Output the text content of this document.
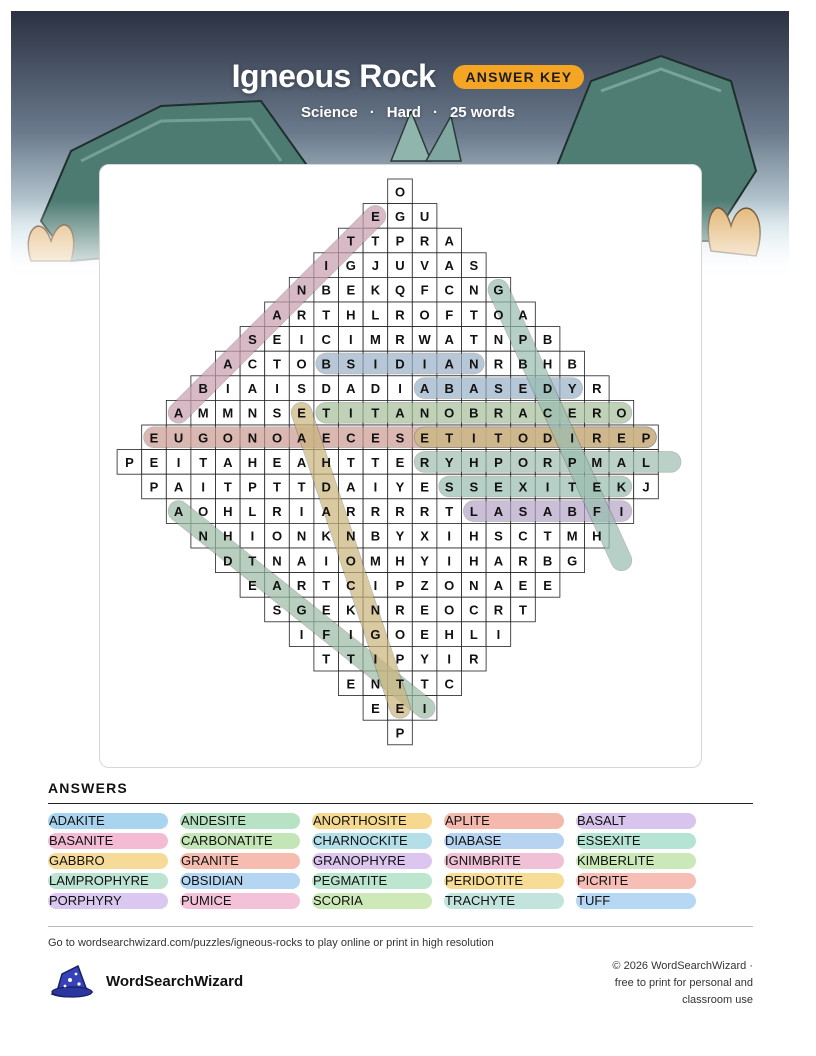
Igneous Rock	ANSWER KEY
Science · Hard · 25 words
O
E G U
T T P R A
I G J U V A S
N B E K Q F C N G
A R T H L R O F T O A
S E I C I M R W A T N P B
A C T O B S I D I A N R B H B
B I A I S D A D I A B A S E D Y R
A M M N S E T I T A N O B R A C E R O
E U G O N O A E C E S E T I T O D I R E P
P E I T A H E A H T T E R Y H P O R P M A L
P A I T P T T D A I Y E S S E X I T E K J
A O H L R I A R R R R T L A S A B F I
N H I O N K N B Y X I H S C T M H
D T N A I O M H Y I H A R B G
E A R T C I P Z O N A E E
S G E K N R E O C R T
I F I G O E H L I
T T I P Y I R
E N T T C
E E I
P
ANSWERS
ADAKITE	ANDESITE	ANORTHOSITE	APLITE	BASALT
BASANITE	CARBONATITE	CHARNOCKITE	DIABASE	ESSEXITE
GABBRO	GRANITE	GRANOPHYRE	IGNIMBRITE	KIMBERLITE
LAMPROPHYRE	OBSIDIAN	PEGMATITE	PERIDOTITE	PICRITE
PORPHYRY	PUMICE	SCORIA	TRACHYTE	TUFF
Go to wordsearchwizard.com/puzzles/igneous-rocks to play online or print in high resolution
WordSearchWizard
© 2026 WordSearchWizard ·
free to print for personal and
classroom use
